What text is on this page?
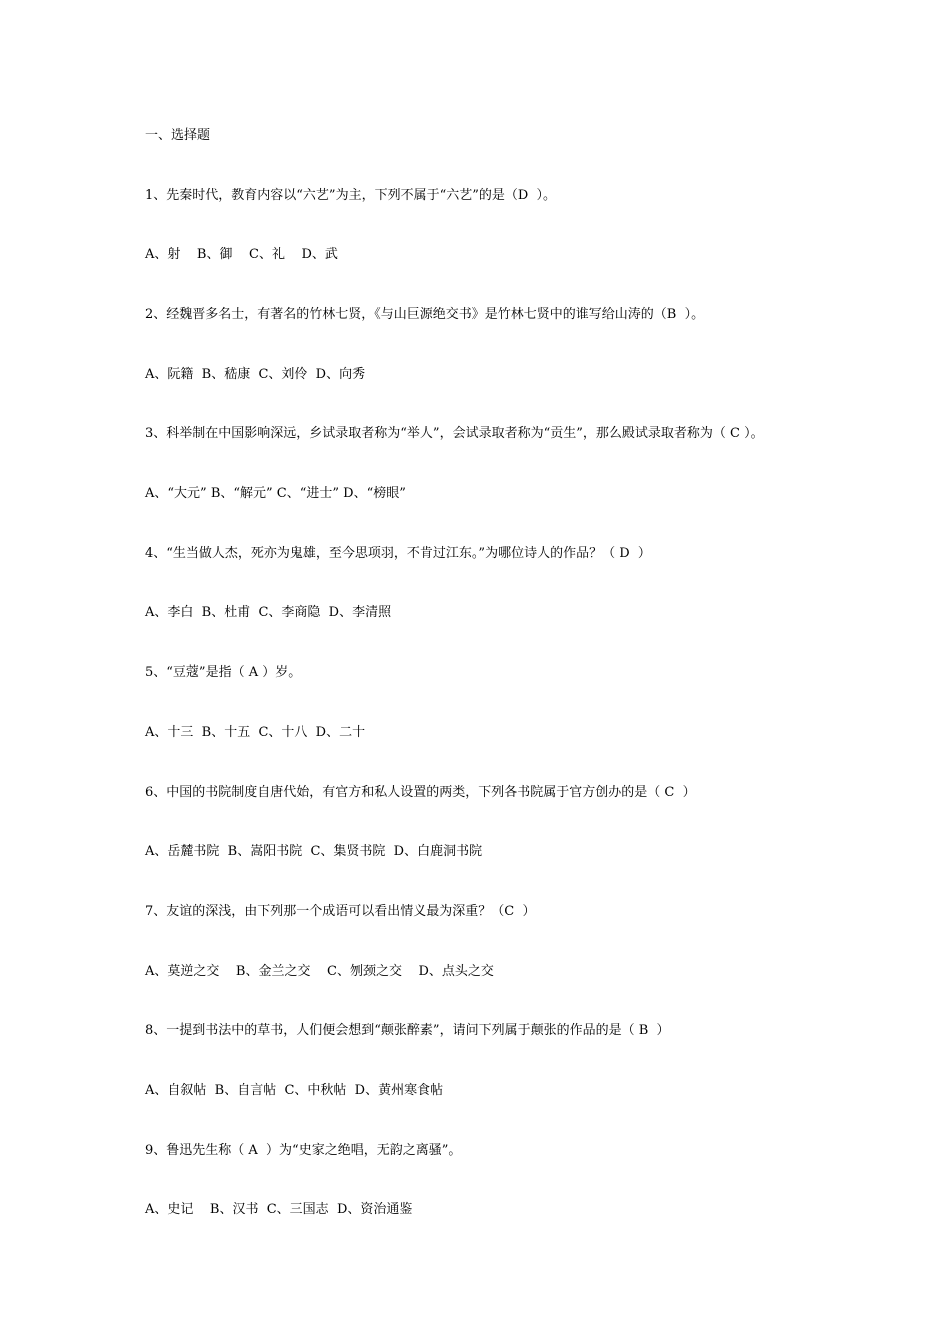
一、选择题
1、先秦时代，教育内容以“六艺”为主，下列不属于“六艺”的是（D  ）。
A、射    B、御    C、礼    D、武
2、经魏晋多名士，有著名的竹林七贤，《与山巨源绝交书》是竹林七贤中的谁写给山涛的（B  ）。
A、阮籍  B、嵇康  C、刘伶  D、向秀
3、科举制在中国影响深远，乡试录取者称为“举人”，会试录取者称为“贡生”，那么殿试录取者称为（ C ）。
A、“大元” B、“解元” C、“进士” D、“榜眼”
4、“生当做人杰，死亦为鬼雄，至今思项羽，不肯过江东。”为哪位诗人的作品？（ D  ）
A、李白  B、杜甫  C、李商隐  D、李清照
5、“豆蔻”是指（ A ）岁。
A、十三  B、十五  C、十八  D、二十
6、中国的书院制度自唐代始，有官方和私人设置的两类，下列各书院属于官方创办的是（ C  ）
A、岳麓书院  B、嵩阳书院  C、集贤书院  D、白鹿洞书院
7、友谊的深浅，由下列那一个成语可以看出情义最为深重？（C  ）
A、莫逆之交    B、金兰之交    C、刎颈之交    D、点头之交
8、一提到书法中的草书，人们便会想到“颠张醉素”，请问下列属于颠张的作品的是（ B  ）
A、自叙帖  B、自言帖  C、中秋帖  D、黄州寒食帖
9、鲁迅先生称（ A  ）为“史家之绝唱，无韵之离骚”。
A、史记    B、汉书  C、三国志  D、资治通鉴
